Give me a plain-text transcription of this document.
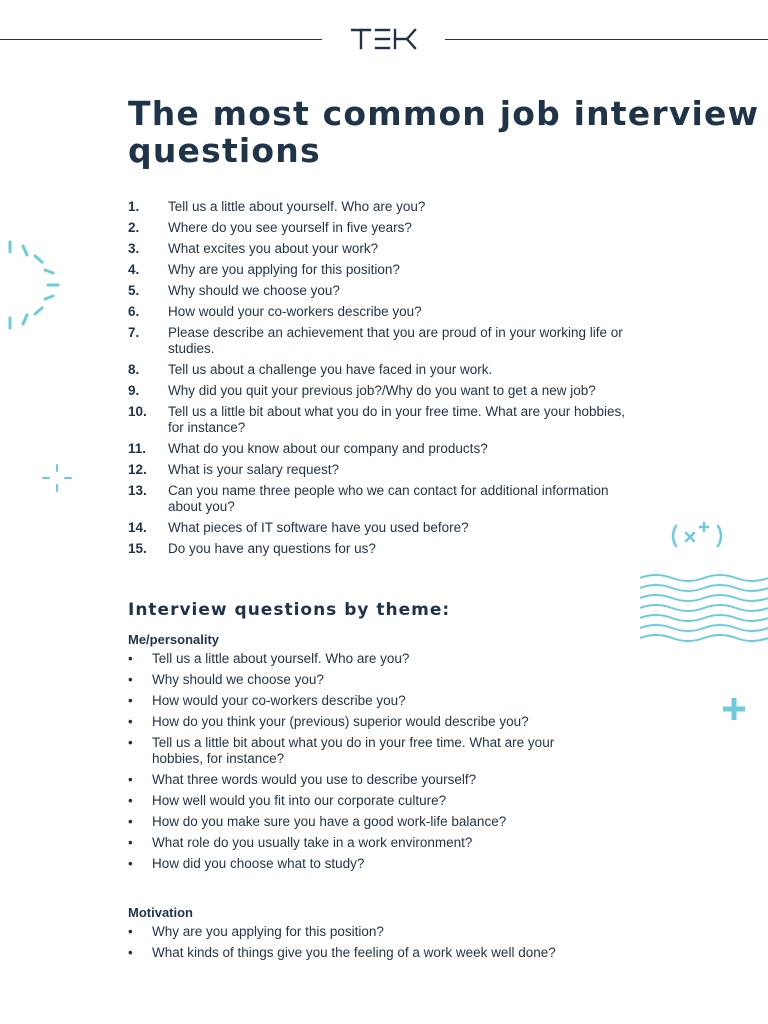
The most common job interview questions
1.	Tell us a little about yourself. Who are you?
2.	Where do you see yourself in five years?
3.	What excites you about your work?
4.	Why are you applying for this position?
5.	Why should we choose you?
6.	How would your co-workers describe you?
7.	Please describe an achievement that you are proud of in your working life or studies.
8.	Tell us about a challenge you have faced in your work.
9.	Why did you quit your previous job?/Why do you want to get a new job?
10.	Tell us a little bit about what you do in your free time. What are your hobbies, for instance?
11.	What do you know about our company and products?
12.	What is your salary request?
13.	Can you name three people who we can contact for additional information about you?
14.	What pieces of IT software have you used before?
15.	Do you have any questions for us?
Interview questions by theme:

Me/personality

•	Tell us a little about yourself. Who are you?
•	Why should we choose you?
•	How would your co-workers describe you?
•	How do you think your (previous) superior would describe you?
•	Tell us a little bit about what you do in your free time. What are your hobbies, for instance?
•	What three words would you use to describe yourself?
•	How well would you fit into our corporate culture?
•	How do you make sure you have a good work-life balance?
•	What role do you usually take in a work environment?
•	How did you choose what to study?

Motivation

•	Why are you applying for this position?
•	What kinds of things give you the feeling of a work week well done?
